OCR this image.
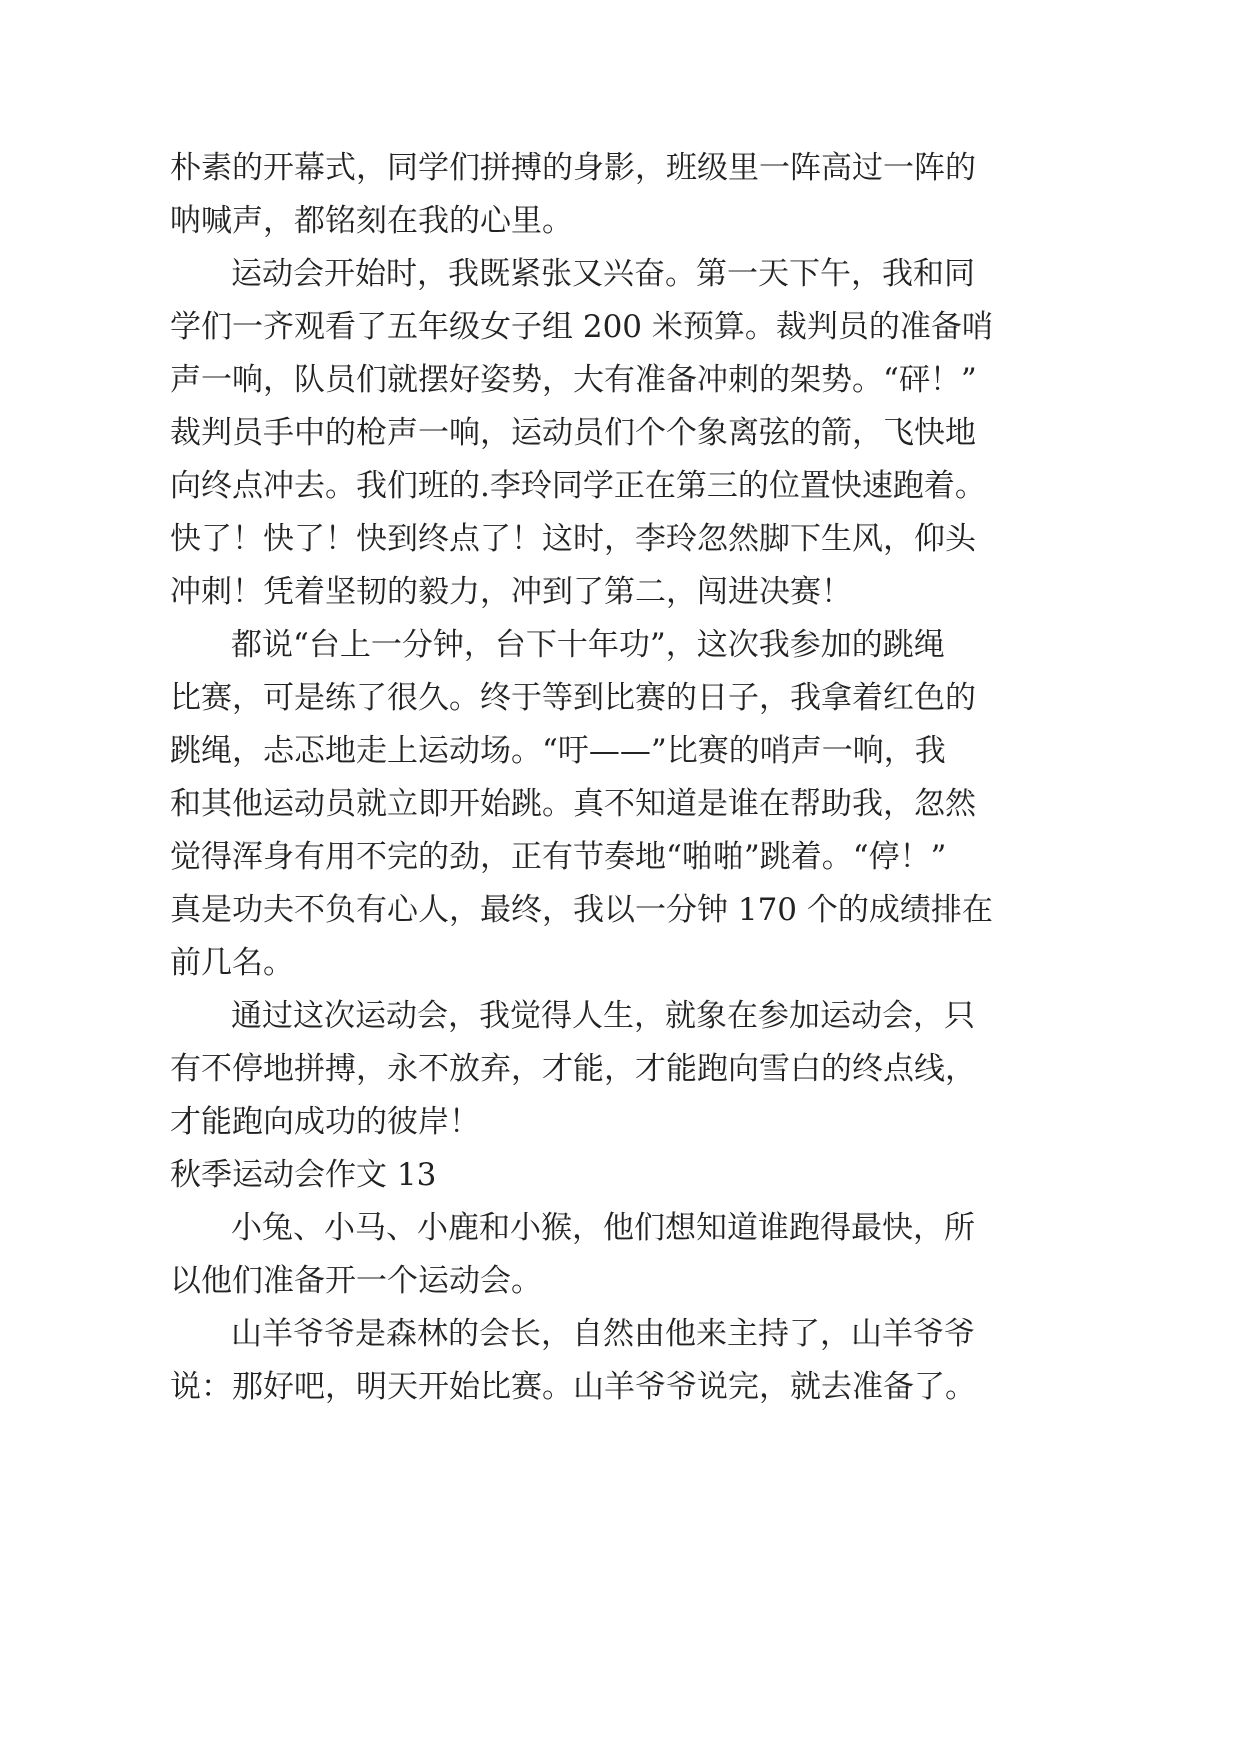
朴素的开幕式，同学们拼搏的身影，班级里一阵高过一阵的
呐喊声，都铭刻在我的心里。
运动会开始时，我既紧张又兴奋。第一天下午，我和同
学们一齐观看了五年级女子组 200 米预算。裁判员的准备哨
声一响，队员们就摆好姿势，大有准备冲刺的架势。“砰！”
裁判员手中的枪声一响，运动员们个个象离弦的箭，飞快地
向终点冲去。我们班的.李玲同学正在第三的位置快速跑着。
快了！快了！快到终点了！这时，李玲忽然脚下生风，仰头
冲刺！凭着坚韧的毅力，冲到了第二，闯进决赛！
都说“台上一分钟，台下十年功”，这次我参加的跳绳
比赛，可是练了很久。终于等到比赛的日子，我拿着红色的
跳绳，忐忑地走上运动场。“吁——”比赛的哨声一响，我
和其他运动员就立即开始跳。真不知道是谁在帮助我，忽然
觉得浑身有用不完的劲，正有节奏地“啪啪”跳着。“停！”
真是功夫不负有心人，最终，我以一分钟 170 个的成绩排在
前几名。
通过这次运动会，我觉得人生，就象在参加运动会，只
有不停地拼搏，永不放弃，才能，才能跑向雪白的终点线，
才能跑向成功的彼岸！
秋季运动会作文 13
小兔、小马、小鹿和小猴，他们想知道谁跑得最快，所
以他们准备开一个运动会。
山羊爷爷是森林的会长，自然由他来主持了，山羊爷爷
说：那好吧，明天开始比赛。山羊爷爷说完，就去准备了。
